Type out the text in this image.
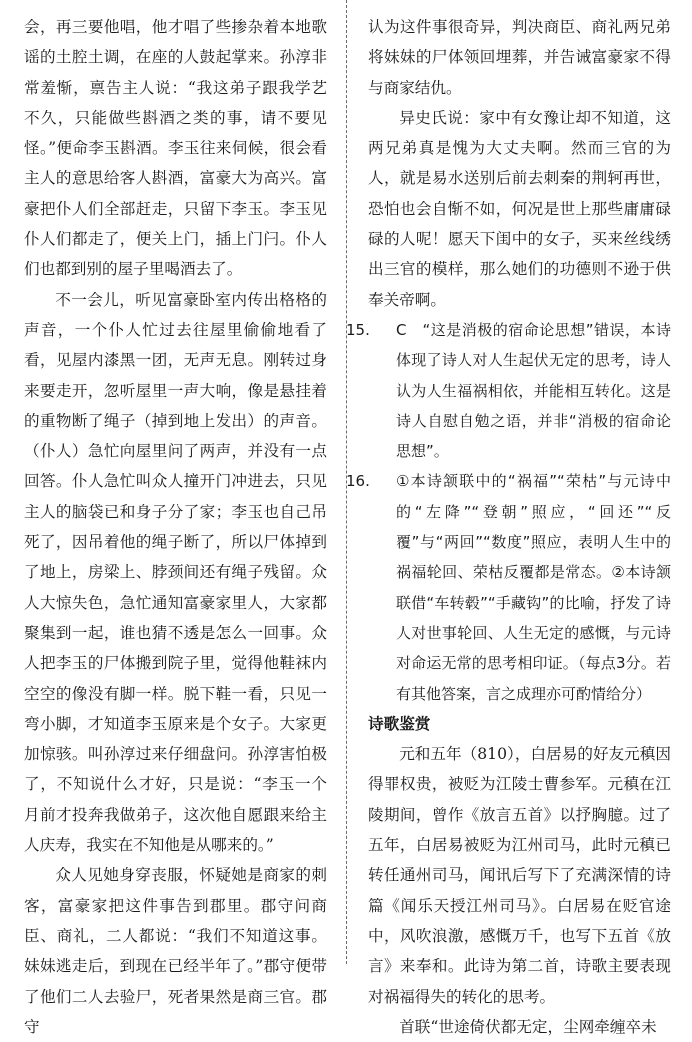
会，再三要他唱，他才唱了些掺杂着本地歌谣的土腔土调，在座的人鼓起掌来。孙淳非常羞惭，禀告主人说：“我这弟子跟我学艺不久，只能做些斟酒之类的事，请不要见怪。”便命李玉斟酒。李玉往来伺候，很会看主人的意思给客人斟酒，富豪大为高兴。富豪把仆人们全部赶走，只留下李玉。李玉见仆人们都走了，便关上门，插上门闩。仆人们也都到别的屋子里喝酒去了。

不一会儿，听见富豪卧室内传出格格的声音，一个仆人忙过去往屋里偷偷地看了看，见屋内漆黑一团，无声无息。刚转过身来要走开，忽听屋里一声大响，像是悬挂着的重物断了绳子（掉到地上发出）的声音。（仆人）急忙向屋里问了两声，并没有一点回答。仆人急忙叫众人撞开门冲进去，只见主人的脑袋已和身子分了家；李玉也自己吊死了，因吊着他的绳子断了，所以尸体掉到了地上，房梁上、脖颈间还有绳子残留。众人大惊失色，急忙通知富豪家里人，大家都聚集到一起，谁也猜不透是怎么一回事。众人把李玉的尸体搬到院子里，觉得他鞋袜内空空的像没有脚一样。脱下鞋一看，只见一弯小脚，才知道李玉原来是个女子。大家更加惊骇。叫孙淳过来仔细盘问。孙淳害怕极了，不知说什么才好，只是说：“李玉一个月前才投奔我做弟子，这次他自愿跟来给主人庆寿，我实在不知他是从哪来的。”

众人见她身穿丧服，怀疑她是商家的刺客，富豪家把这件事告到郡里。郡守问商臣、商礼，二人都说：“我们不知道这事。妹妹逃走后，到现在已经半年了。”郡守便带了他们二人去验尸，死者果然是商三官。郡守

认为这件事很奇异，判决商臣、商礼两兄弟将妹妹的尸体领回埋葬，并告诫富豪家不得与商家结仇。

异史氏说：家中有女豫让却不知道，这两兄弟真是愧为大丈夫啊。然而三官的为人，就是易水送别后前去刺秦的荆轲再世，恐怕也会自惭不如，何况是世上那些庸庸碌碌的人呢！愿天下闺中的女子，买来丝线绣出三官的模样，那么她们的功德则不逊于供奉关帝啊。

15. C　“这是消极的宿命论思想”错误，本诗体现了诗人对人生起伏无定的思考，诗人认为人生福祸相依，并能相互转化。这是诗人自慰自勉之语，并非“消极的宿命论思想”。

16. ①本诗颔联中的“祸福”“荣枯”与元诗中的“左降”“登朝”照应，“回还”“反覆”与“两回”“数度”照应，表明人生中的祸福轮回、荣枯反覆都是常态。②本诗颔联借“车转毂”“手藏钩”的比喻，抒发了诗人对世事轮回、人生无定的感慨，与元诗对命运无常的思考相印证。（每点3分。若有其他答案，言之成理亦可酌情给分）

诗歌鉴赏

元和五年（810），白居易的好友元稹因得罪权贵，被贬为江陵士曹参军。元稹在江陵期间，曾作《放言五首》以抒胸臆。过了五年，白居易被贬为江州司马，此时元稹已转任通州司马，闻讯后写下了充满深情的诗篇《闻乐天授江州司马》。白居易在贬官途中，风吹浪激，感慨万千，也写下五首《放言》来奉和。此诗为第二首，诗歌主要表现对祸福得失的转化的思考。

首联“世途倚伏都无定，尘网牵缠卒未
